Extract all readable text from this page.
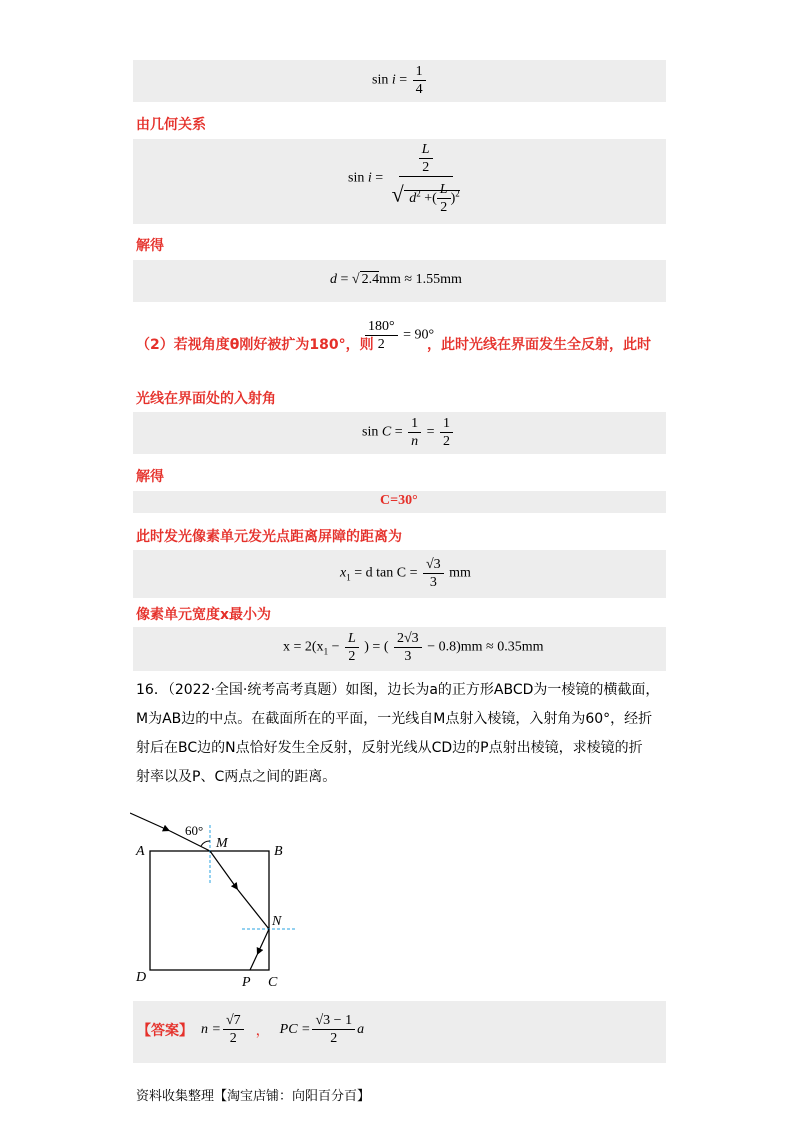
$\sin i = \frac{1}{4}$
由几何关系
$\sin i = \frac{\frac{L}{2}}{√ d^2 +( \frac{L}{2} )^2}$
解得
d = √ 2.4mm ≈ 1.55mm
（2）若视角度θ刚好被扩为180°，则
$\frac{180^\circ}{2} = 90^\circ$
，此时光线在界面发生全反射，此时
光线在界面处的入射角
$\sin C = \frac{1}{n} = \frac{1}{2}$
解得
C=30°
此时发光像素单元发光点距离屏障的距离为
$x_1 = d$ $\tan C = \frac{√3}{3}$ mm
像素单元宽度x最小为
$x = 2(x_1 - \frac{L}{2}$ ) = ( $\frac{2√3}{3} - 0.8)mm \approx 0.35mm$
16．（2022·全国·统考高考真题）如图，边长为a的正方形ABCD为一棱镜的横截面，
M为AB边的中点。在截面所在的平面，一光线自M点射入棱镜，入射角为60°，经折
射后在BC边的N点恰好发生全反射，反射光线从CD边的P点射出棱镜，求棱镜的折
射率以及P、C两点之间的距离。
60°
A
M
B
N
D	P C
【答案】 $n = \frac{√7}{2}$ ， PC = $\frac{√3 - 1}{2}$ a
资料收集整理【淘宝店铺：向阳百分百】
